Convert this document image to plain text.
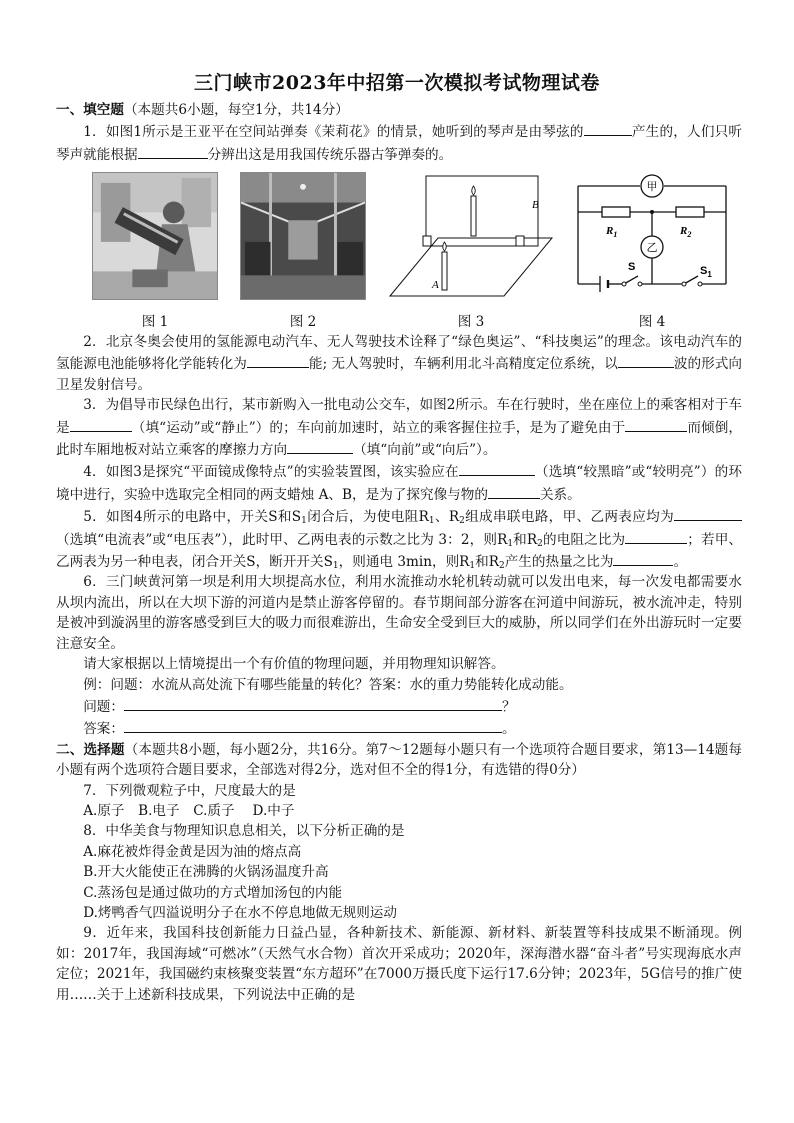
三门峡市2023年中招第一次模拟考试物理试卷

一、填空题（本题共6小题，每空1分，共14分）

1．如图1所示是王亚平在空间站弹奏《茉莉花》的情景，她听到的琴声是由琴弦的	产生的，人们只听琴声就能根据	分辨出这是用我国传统乐器古筝弹奏的。

图 1	图 2
B
A
图 3
甲
乙
$R_1$	$R_2$
S	$S_1$
图 4

2．北京冬奥会使用的氢能源电动汽车、无人驾驶技术诠释了“绿色奥运”、“科技奥运”的理念。该电动汽车的氢能源电池能够将化学能转化为	能; 无人驾驶时，车辆利用北斗高精度定位系统，以	波的形式向卫星发射信号。

3．为倡导市民绿色出行，某市新购入一批电动公交车，如图2所示。车在行驶时，坐在座位上的乘客相对于车是	（填“运动”或“静止”）的；车向前加速时，站立的乘客握住拉手，是为了避免由于	而倾倒，此时车厢地板对站立乘客的摩擦力方向	（填“向前”或“向后”）。

4．如图3是探究“平面镜成像特点”的实验装置图，该实验应在	（选填“较黑暗”或“较明亮”）的环境中进行，实验中选取完全相同的两支蜡烛 A、B，是为了探究像与物的	关系。

5．如图4所示的电路中，开关S和$S_1$闭合后，为使电阻$R_1$、$R_2$组成串联电路，甲、乙两表应均为（选填“电流表”或“电压表”），此时甲、乙两电表的示数之比为 3：2，则$R_1$和$R_2$的电阻之比为	；若甲、乙两表为另一种电表，闭合开关S，断开开关$S_1$，则通电 3min，则$R_1$和$R_2$产生的热量之比为	。

6．三门峡黄河第一坝是利用大坝提高水位，利用水流推动水轮机转动就可以发出电来，每一次发电都需要水从坝内流出，所以在大坝下游的河道内是禁止游客停留的。春节期间部分游客在河道中间游玩，被水流冲走，特别是被冲到漩涡里的游客感受到巨大的吸力而很难游出，生命安全受到巨大的威胁，所以同学们在外出游玩时一定要注意安全。

请大家根据以上情境提出一个有价值的物理问题，并用物理知识解答。

例：问题：水流从高处流下有哪些能量的转化？答案：水的重力势能转化成动能。

问题：	？

答案：	。

二、选择题（本题共8小题，每小题2分，共16分。第7～12题每小题只有一个选项符合题目要求，第13—14题每小题有两个选项符合题目要求，全部选对得2分，选对但不全的得1分，有选错的得0分）

7．下列微观粒子中，尺度最大的是

A.原子　B.电子　C.质子　 D.中子

8．中华美食与物理知识息息相关，以下分析正确的是

A.麻花被炸得金黄是因为油的熔点高

B.开大火能使正在沸腾的火锅汤温度升高

C.蒸汤包是通过做功的方式增加汤包的内能

D.烤鸭香气四溢说明分子在水不停息地做无规则运动

9．近年来，我国科技创新能力日益凸显，各种新技术、新能源、新材料、新装置等科技成果不断涌现。例如：2017年，我国海域“可燃冰”（天然气水合物）首次开采成功；2020年，深海潜水器“奋斗者”号实现海底水声定位；2021年，我国磁约束核聚变装置“东方超环”在7000万摄氏度下运行17.6分钟；2023年，5G信号的推广使用……关于上述新科技成果，下列说法中正确的是
